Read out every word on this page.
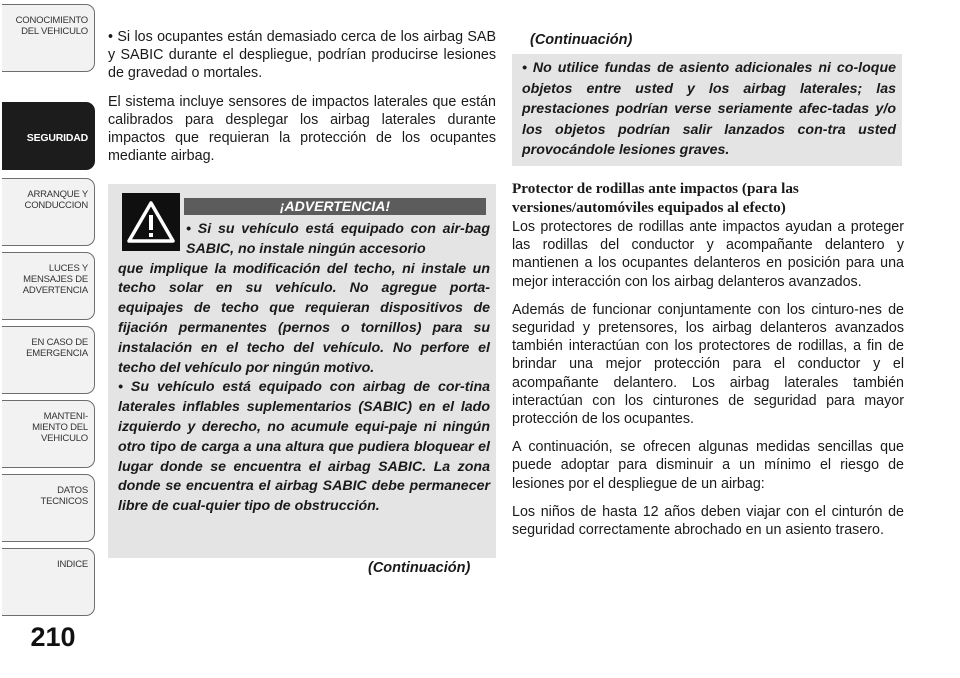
CONOCIMIENTO
DEL VEHICULO
SEGURIDAD
ARRANQUE Y
CONDUCCION
LUCES Y
MENSAJES DE
ADVERTENCIA
EN CASO DE
EMERGENCIA
MANTENI-
MIENTO DEL
VEHICULO
DATOS
TECNICOS
INDICE
210

• Si los ocupantes están demasiado cerca de los airbag SAB y SABIC durante el despliegue, podrían producirse lesiones de gravedad o mortales.

El sistema incluye sensores de impactos laterales que están calibrados para desplegar los airbag laterales durante impactos que requieran la protección de los ocupantes mediante airbag.

¡ADVERTENCIA!
• Si su vehículo está equipado con air-bag SABIC, no instale ningún accesorio
que implique la modificación del techo, ni instale un techo solar en su vehículo. No agregue porta-equipajes de techo que requieran dispositivos de fijación permanentes (pernos o tornillos) para su instalación en el techo del vehículo. No perfore el techo del vehículo por ningún motivo.
• Su vehículo está equipado con airbag de cor-tina laterales inflables suplementarios (SABIC) en el lado izquierdo y derecho, no acumule equi-paje ni ningún otro tipo de carga a una altura que pudiera bloquear el lugar donde se encuentra el airbag SABIC. La zona donde se encuentra el airbag SABIC debe permanecer libre de cual-quier tipo de obstrucción.
(Continuación)
(Continuación)
• No utilice fundas de asiento adicionales ni co-loque objetos entre usted y los airbag laterales; las prestaciones podrían verse seriamente afec-tadas y/o los objetos podrían salir lanzados con-tra usted provocándole lesiones graves.
Protector de rodillas ante impactos (para las versiones/automóviles equipados al efecto)

Los protectores de rodillas ante impactos ayudan a proteger las rodillas del conductor y acompañante delantero y mantienen a los ocupantes delanteros en posición para una mejor interacción con los airbag delanteros avanzados.

Además de funcionar conjuntamente con los cinturo-nes de seguridad y pretensores, los airbag delanteros avanzados también interactúan con los protectores de rodillas, a fin de brindar una mejor protección para el conductor y el acompañante delantero. Los airbag laterales también interactúan con los cinturones de seguridad para mayor protección de los ocupantes.

A continuación, se ofrecen algunas medidas sencillas que puede adoptar para disminuir a un mínimo el riesgo de lesiones por el despliegue de un airbag:

Los niños de hasta 12 años deben viajar con el cinturón de seguridad correctamente abrochado en un asiento trasero.
